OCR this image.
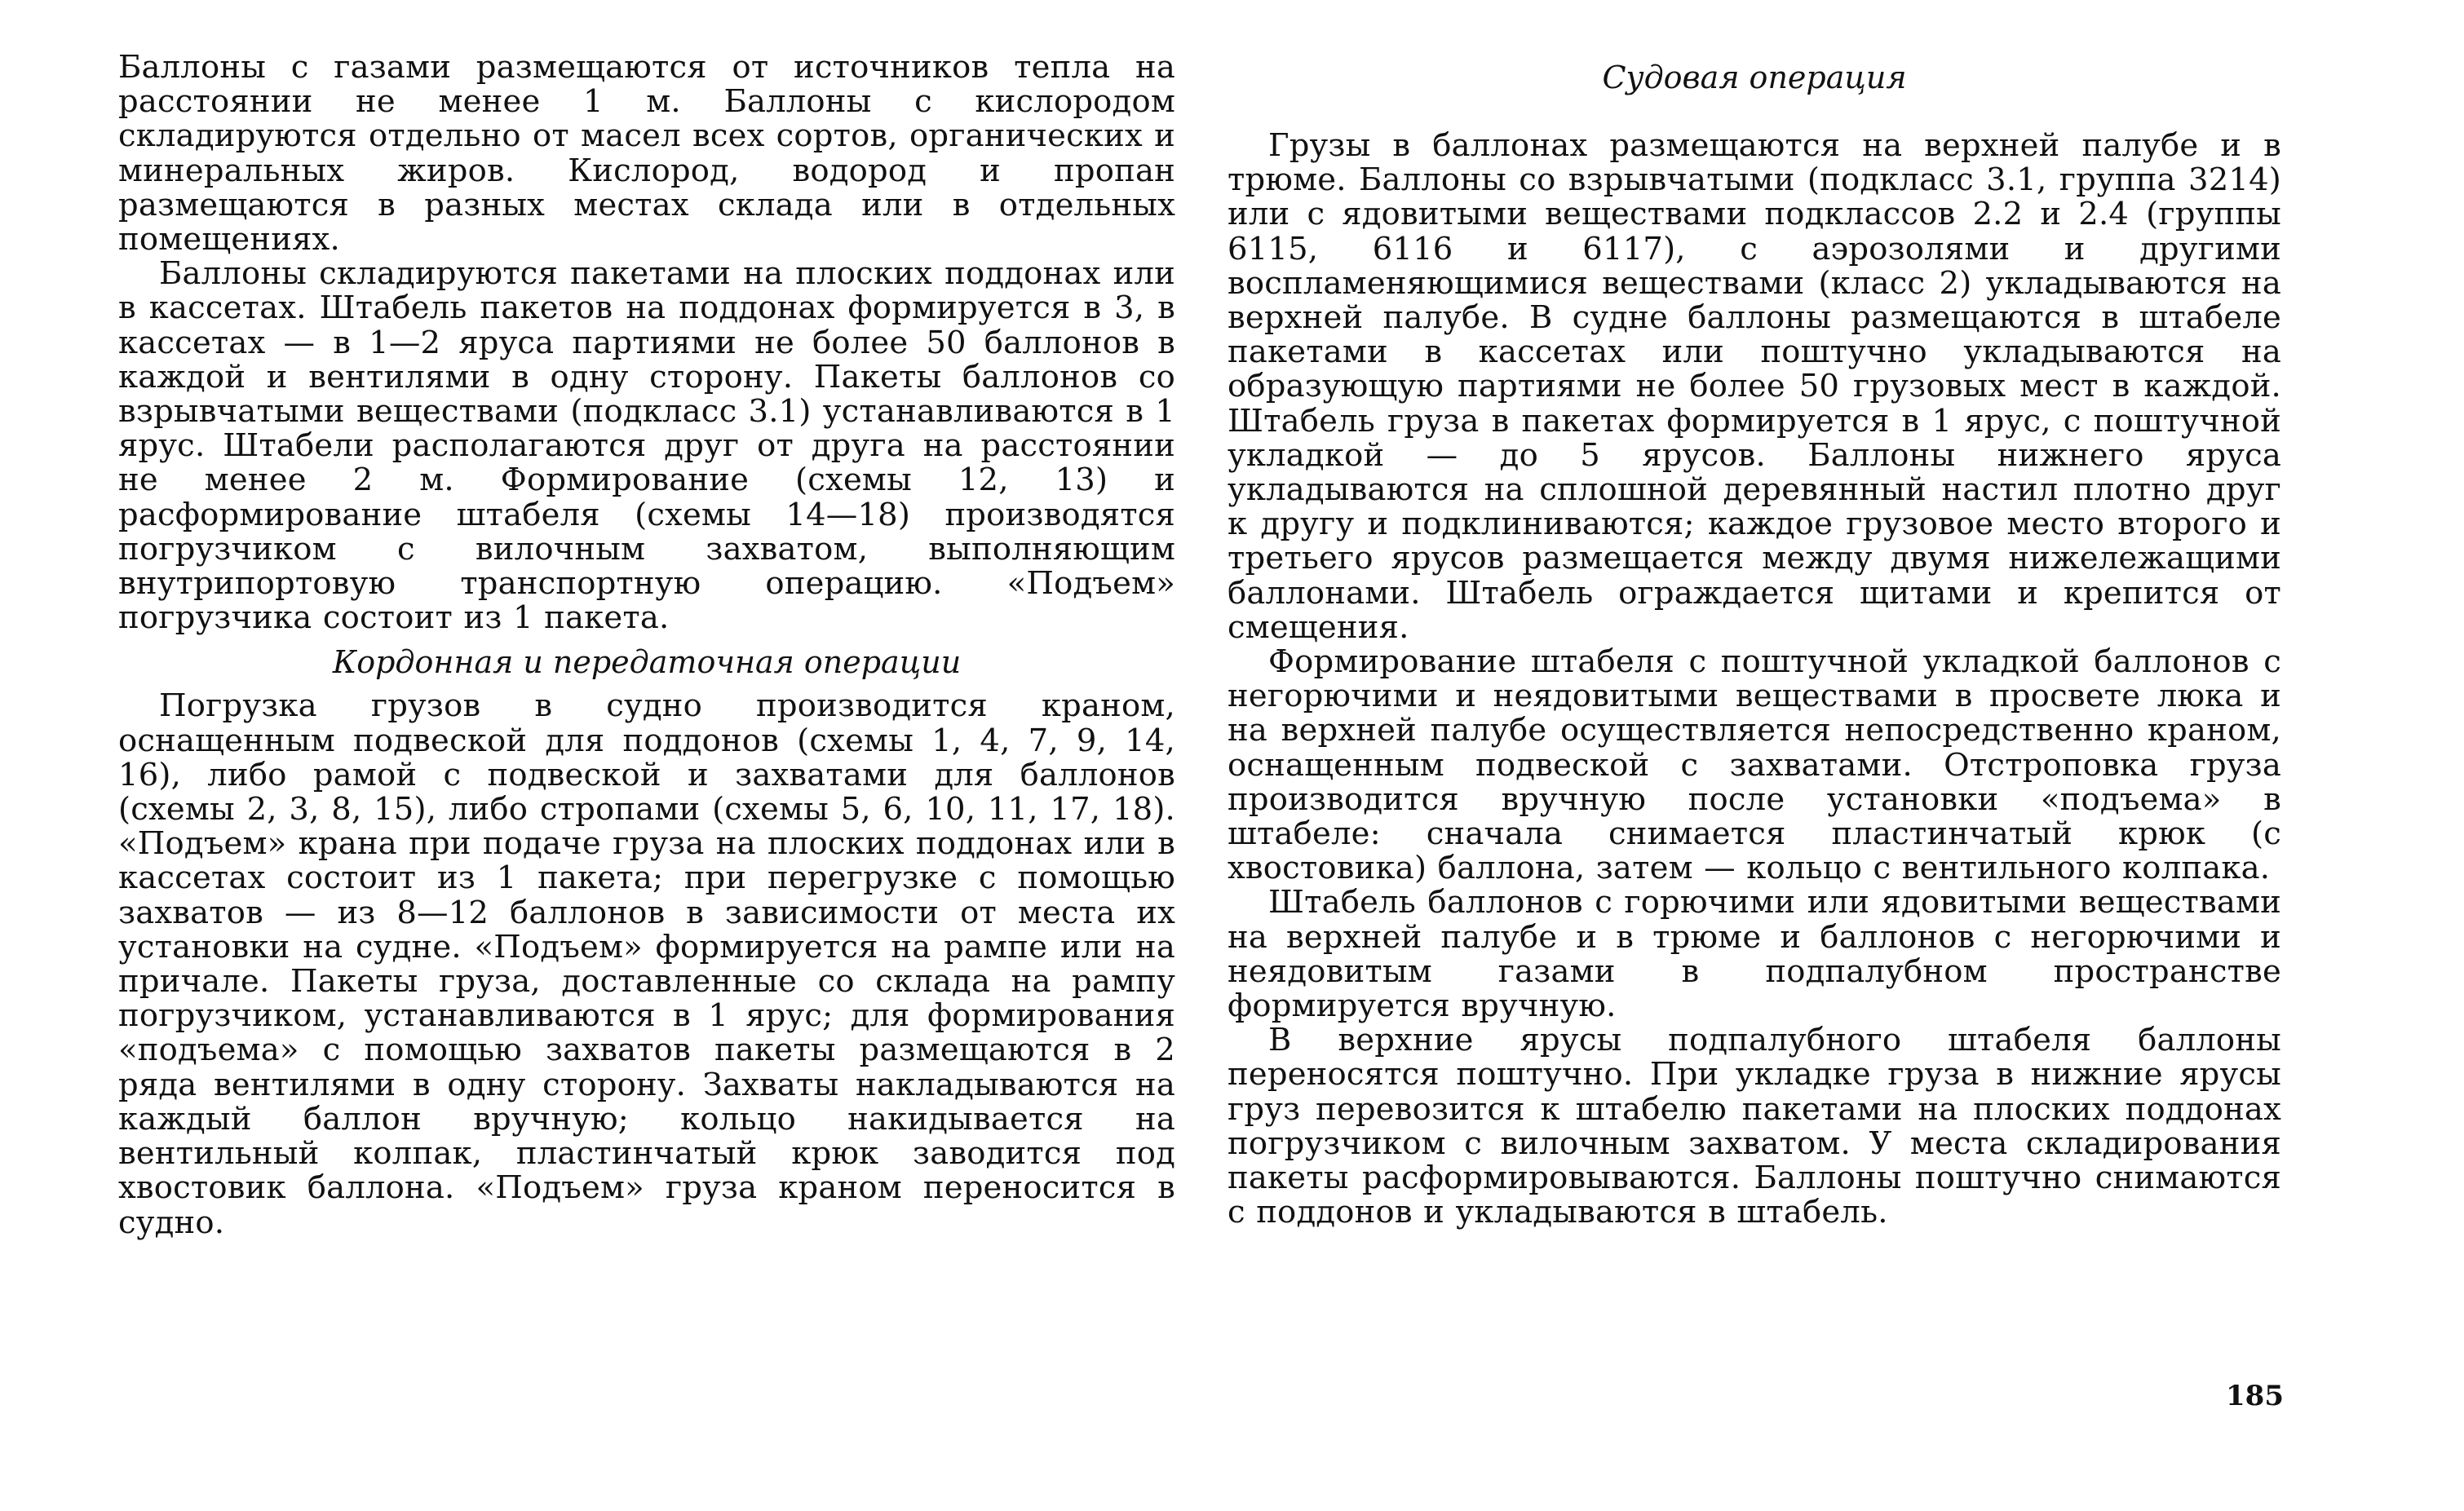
Баллоны с газами размещаются от источников тепла на расстоянии не менее 1 м. Баллоны с кислородом складируются отдельно от масел всех сортов, органических и минеральных жиров. Кислород, водород и пропан размещаются в разных местах склада или в отдельных помещениях.

Баллоны складируются пакетами на плоских поддонах или в кассетах. Штабель пакетов на поддонах формируется в 3, в кассетах — в 1—2 яруса партиями не более 50 баллонов в каждой и вентилями в одну сторону. Пакеты баллонов со взрывчатыми веществами (подкласс 3.1) устанавливаются в 1 ярус. Штабели располагаются друг от друга на расстоянии не менее 2 м. Формирование (схемы 12, 13) и расформирование штабеля (схемы 14—18) производятся погрузчиком с вилочным захватом, выполняющим внутрипортовую транспортную операцию. «Подъем» погрузчика состоит из 1 пакета.

Кордонная и передаточная операции

Погрузка грузов в судно производится краном, оснащенным подвеской для поддонов (схемы 1, 4, 7, 9, 14, 16), либо рамой с подвеской и захватами для баллонов (схемы 2, 3, 8, 15), либо стропами (схемы 5, 6, 10, 11, 17, 18). «Подъем» крана при подаче груза на плоских поддонах или в кассетах состоит из 1 пакета; при перегрузке с помощью захватов — из 8—12 баллонов в зависимости от места их установки на судне. «Подъем» формируется на рампе или на причале. Пакеты груза, доставленные со склада на рампу погрузчиком, устанавливаются в 1 ярус; для формирования «подъема» с помощью захватов пакеты размещаются в 2 ряда вентилями в одну сторону. Захваты накладываются на каждый баллон вручную; кольцо накидывается на вентильный колпак, пластинчатый крюк заводится под хвостовик баллона. «Подъем» груза краном переносится в судно.

Судовая операция

Грузы в баллонах размещаются на верхней палубе и в трюме. Баллоны со взрывчатыми (подкласс 3.1, группа 3214) или с ядовитыми веществами подклассов 2.2 и 2.4 (группы 6115, 6116 и 6117), с аэрозолями и другими воспламеняющимися веществами (класс 2) укладываются на верхней палубе. В судне баллоны размещаются в штабеле пакетами в кассетах или поштучно укладываются на образующую партиями не более 50 грузовых мест в каждой. Штабель груза в пакетах формируется в 1 ярус, с поштучной укладкой — до 5 ярусов. Баллоны нижнего яруса укладываются на сплошной деревянный настил плотно друг к другу и подклиниваются; каждое грузовое место второго и третьего ярусов размещается между двумя нижележащими баллонами. Штабель ограждается щитами и крепится от смещения.

Формирование штабеля с поштучной укладкой баллонов с негорючими и неядовитыми веществами в просвете люка и на верхней палубе осуществляется непосредственно краном, оснащенным подвеской с захватами. Отстроповка груза производится вручную после установки «подъема» в штабеле: сначала снимается пластинчатый крюк (с хвостовика) баллона, затем — кольцо с вентильного колпака.

Штабель баллонов с горючими или ядовитыми веществами на верхней палубе и в трюме и баллонов с негорючими и неядовитым газами в подпалубном пространстве формируется вручную.

В верхние ярусы подпалубного штабеля баллоны переносятся поштучно. При укладке груза в нижние ярусы груз перевозится к штабелю пакетами на плоских поддонах погрузчиком с вилочным захватом. У места складирования пакеты расформировываются. Баллоны поштучно снимаются с поддонов и укладываются в штабель.

185
